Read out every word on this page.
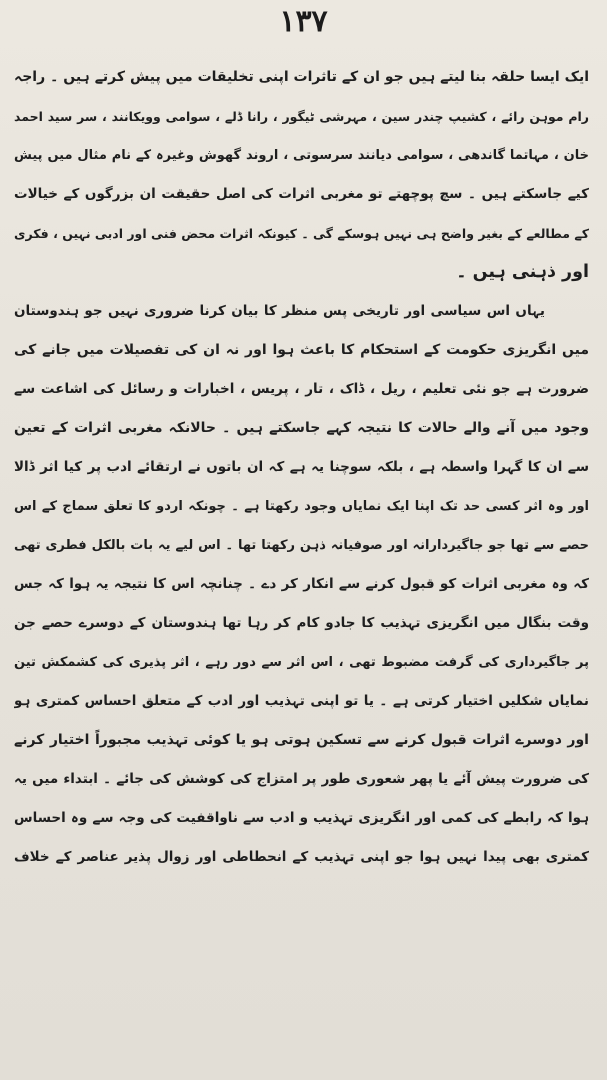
۱۳۷
ایک ایسا حلقہ بنا لیتے ہیں جو ان کے تاثرات اپنی تخلیقات میں پیش کرتے ہیں ۔ راجہ
رام موہن رائے ، کشیپ چندر سین ، مہرشی ٹیگور ، رانا ڈلے ، سوامی وویکانند ، سر سید احمد
خان ، مہاتما گاندھی ، سوامی دیانند سرسوتی ، اروند گھوش وغیرہ کے نام مثال میں پیش
کیے جاسکتے ہیں ۔ سچ پوچھتے تو مغربی اثرات کی اصل حقیقت ان بزرگوں کے خیالات
کے مطالعے کے بغیر واضح ہی نہیں ہوسکے گی ۔ کیونکہ اثرات محض فنی اور ادبی نہیں ، فکری
اور ذہنی ہیں ۔
یہاں اس سیاسی اور تاریخی پس منظر کا بیان کرنا ضروری نہیں جو ہندوستان
میں انگریزی حکومت کے استحکام کا باعث ہوا اور نہ ان کی تفصیلات میں جانے کی
ضرورت ہے جو نئی تعلیم ، ریل ، ڈاک ، تار ، پریس ، اخبارات و رسائل کی اشاعت سے
وجود میں آنے والے حالات کا نتیجہ کہے جاسکتے ہیں ۔ حالانکہ مغربی اثرات کے تعین
سے ان کا گہرا واسطہ ہے ، بلکہ سوچنا یہ ہے کہ ان باتوں نے ارتقائے ادب پر کیا اثر ڈالا
اور وہ اثر کسی حد تک اپنا ایک نمایاں وجود رکھتا ہے ۔ چونکہ اردو کا تعلق سماج کے اس
حصے سے تھا جو جاگیردارانہ اور صوفیانہ ذہن رکھتا تھا ۔ اس لیے یہ بات بالکل فطری تھی
کہ وہ مغربی اثرات کو قبول کرنے سے انکار کر دے ۔ چنانچہ اس کا نتیجہ یہ ہوا کہ جس
وقت بنگال میں انگریزی تہذیب کا جادو کام کر رہا تھا ہندوستان کے دوسرے حصے جن
پر جاگیرداری کی گرفت مضبوط تھی ، اس اثر سے دور رہے ، اثر پذیری کی کشمکش تین
نمایاں شکلیں اختیار کرتی ہے ۔ یا تو اپنی تہذیب اور ادب کے متعلق احساس کمتری ہو
اور دوسرے اثرات قبول کرنے سے تسکین ہوتی ہو یا کوئی تہذیب مجبوراً اختیار کرنے
کی ضرورت پیش آئے یا پھر شعوری طور پر امتزاج کی کوشش کی جائے ۔ ابتداء میں یہ
ہوا کہ رابطے کی کمی اور انگریزی تہذیب و ادب سے ناواقفیت کی وجہ سے وہ احساس
کمتری بھی پیدا نہیں ہوا جو اپنی تہذیب کے انحطاطی اور زوال پذیر عناصر کے خلاف
